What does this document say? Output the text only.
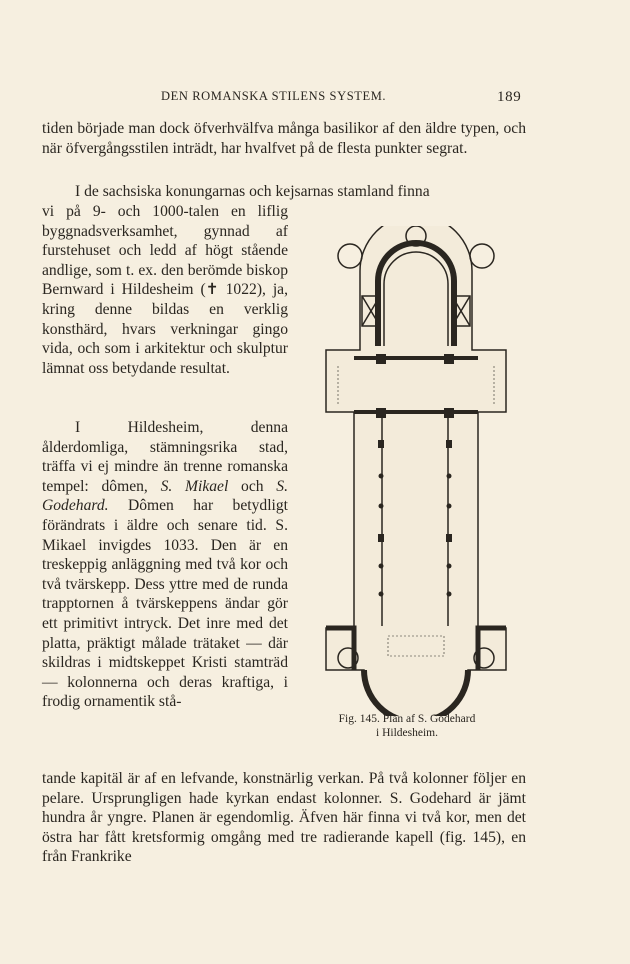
DEN ROMANSKA STILENS SYSTEM.	189

tiden började man dock öfverhvälfva många basilikor af den äldre typen, och när öfvergångsstilen inträdt, har hvalfvet på de flesta punkter segrat.

I de sachsiska konungarnas och kejsarnas stamland finna

vi på 9- och 1000-talen en liflig byggnadsverksamhet, gynnad af furstehuset och ledd af högt stående andlige, som t. ex. den berömde biskop Bernward i Hildesheim (✝ 1022), ja, kring denne bildas en verklig konsthärd, hvars verkningar gingo vida, och som i arkitektur och skulptur lämnat oss betydande resultat.

I Hildesheim, denna ålderdomliga, stämningsrika stad, träffa vi ej mindre än trenne romanska tempel: dômen, S. Mikael och S. Godehard. Dômen har betydligt förändrats i äldre och senare tid. S. Mikael invigdes 1033. Den är en treskeppig anläggning med två kor och två tvärskepp. Dess yttre med de runda trapptornen å tvärskeppens ändar gör ett primitivt intryck. Det inre med det platta, präktigt målade trätaket — där skildras i midtskeppet Kristi stamträd — kolonnerna och deras kraftiga, i frodig ornamentik stå-

tande kapitäl är af en lefvande, konstnärlig verkan. På två kolonner följer en pelare. Ursprungligen hade kyrkan endast kolonner. S. Godehard är jämt hundra år yngre. Planen är egendomlig. Äfven här finna vi två kor, men det östra har fått kretsformig omgång med tre radierande kapell (fig. 145), en från Frankrike

Fig. 145. Plan af S. Godehard
i Hildesheim.
